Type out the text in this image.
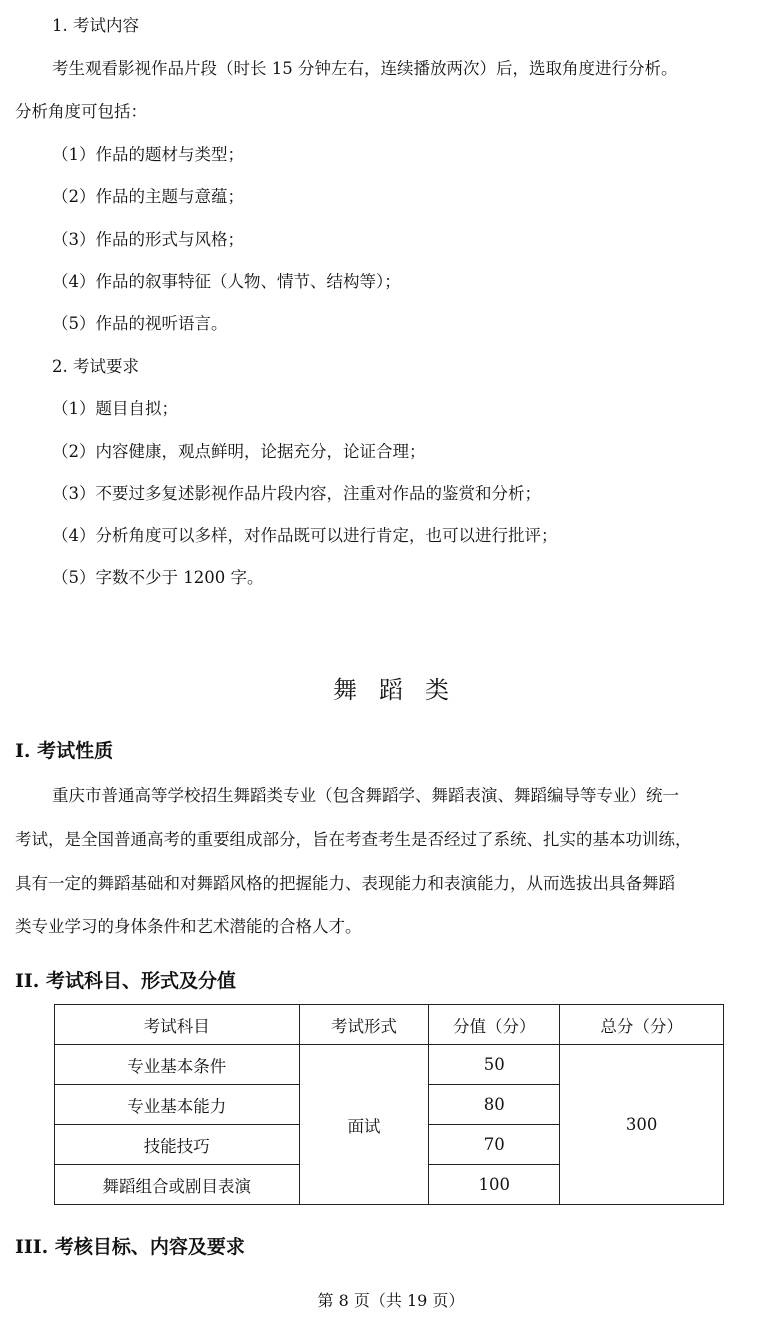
1. 考试内容
考生观看影视作品片段（时长 15 分钟左右，连续播放两次）后，选取角度进行分析。
分析角度可包括：
（1）作品的题材与类型；
（2）作品的主题与意蕴；
（3）作品的形式与风格；
（4）作品的叙事特征（人物、情节、结构等）；
（5）作品的视听语言。
2. 考试要求
（1）题目自拟；
（2）内容健康，观点鲜明，论据充分，论证合理；
（3）不要过多复述影视作品片段内容，注重对作品的鉴赏和分析；
（4）分析角度可以多样，对作品既可以进行肯定，也可以进行批评；
（5）字数不少于 1200 字。
舞蹈类
I. 考试性质
重庆市普通高等学校招生舞蹈类专业（包含舞蹈学、舞蹈表演、舞蹈编导等专业）统一
考试，是全国普通高考的重要组成部分，旨在考查考生是否经过了系统、扎实的基本功训练，
具有一定的舞蹈基础和对舞蹈风格的把握能力、表现能力和表演能力，从而选拔出具备舞蹈
类专业学习的身体条件和艺术潜能的合格人才。
II. 考试科目、形式及分值
考试科目	考试形式	分值（分）	总分（分）
专业基本条件	面试	50	300
专业基本能力		80	
技能技巧		70	
舞蹈组合或剧目表演		100	
III. 考核目标、内容及要求
第 8 页（共 19 页）
